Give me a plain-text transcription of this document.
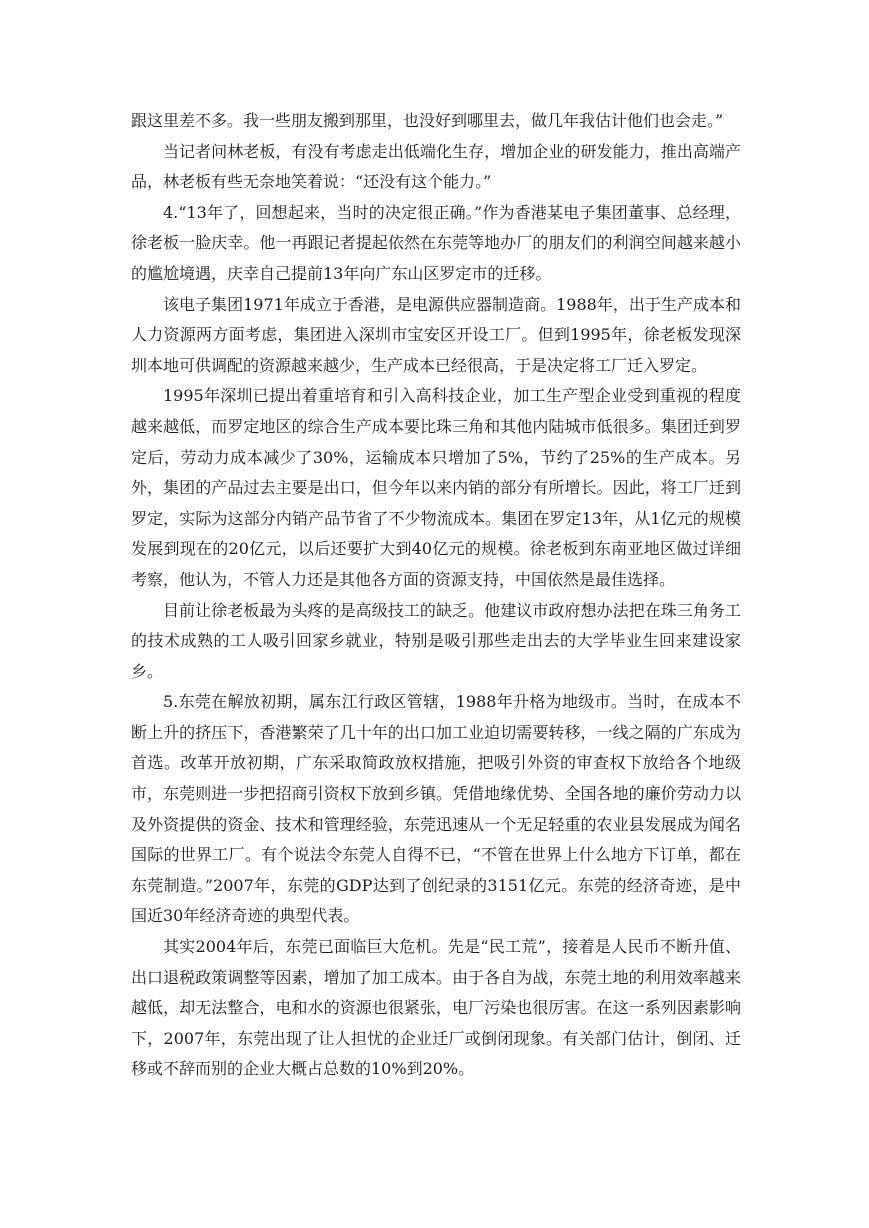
跟这里差不多。我一些朋友搬到那里，也没好到哪里去，做几年我估计他们也会走。”

当记者问林老板，有没有考虑走出低端化生存，增加企业的研发能力，推出高端产品，林老板有些无奈地笑着说：“还没有这个能力。”

4.“13年了，回想起来，当时的决定很正确。”作为香港某电子集团董事、总经理，徐老板一脸庆幸。他一再跟记者提起依然在东莞等地办厂的朋友们的利润空间越来越小的尴尬境遇，庆幸自己提前13年向广东山区罗定市的迁移。

该电子集团1971年成立于香港，是电源供应器制造商。1988年，出于生产成本和人力资源两方面考虑，集团进入深圳市宝安区开设工厂。但到1995年，徐老板发现深圳本地可供调配的资源越来越少，生产成本已经很高，于是决定将工厂迁入罗定。

1995年深圳已提出着重培育和引入高科技企业，加工生产型企业受到重视的程度越来越低，而罗定地区的综合生产成本要比珠三角和其他内陆城市低很多。集团迁到罗定后，劳动力成本减少了30%，运输成本只增加了5%，节约了25%的生产成本。另外，集团的产品过去主要是出口，但今年以来内销的部分有所增长。因此，将工厂迁到罗定，实际为这部分内销产品节省了不少物流成本。集团在罗定13年，从1亿元的规模发展到现在的20亿元，以后还要扩大到40亿元的规模。徐老板到东南亚地区做过详细考察，他认为，不管人力还是其他各方面的资源支持，中国依然是最佳选择。

目前让徐老板最为头疼的是高级技工的缺乏。他建议市政府想办法把在珠三角务工的技术成熟的工人吸引回家乡就业，特别是吸引那些走出去的大学毕业生回来建设家乡。

5.东莞在解放初期，属东江行政区管辖，1988年升格为地级市。当时，在成本不断上升的挤压下，香港繁荣了几十年的出口加工业迫切需要转移，一线之隔的广东成为首选。改革开放初期，广东采取简政放权措施，把吸引外资的审查权下放给各个地级市，东莞则进一步把招商引资权下放到乡镇。凭借地缘优势、全国各地的廉价劳动力以及外资提供的资金、技术和管理经验，东莞迅速从一个无足轻重的农业县发展成为闻名国际的世界工厂。有个说法令东莞人自得不已，“不管在世界上什么地方下订单，都在东莞制造。”2007年，东莞的GDP达到了创纪录的3151亿元。东莞的经济奇迹，是中国近30年经济奇迹的典型代表。

其实2004年后，东莞已面临巨大危机。先是“民工荒”，接着是人民币不断升值、出口退税政策调整等因素，增加了加工成本。由于各自为战，东莞土地的利用效率越来越低，却无法整合，电和水的资源也很紧张，电厂污染也很厉害。在这一系列因素影响下，2007年，东莞出现了让人担忧的企业迁厂或倒闭现象。有关部门估计，倒闭、迁移或不辞而别的企业大概占总数的10%到20%。
